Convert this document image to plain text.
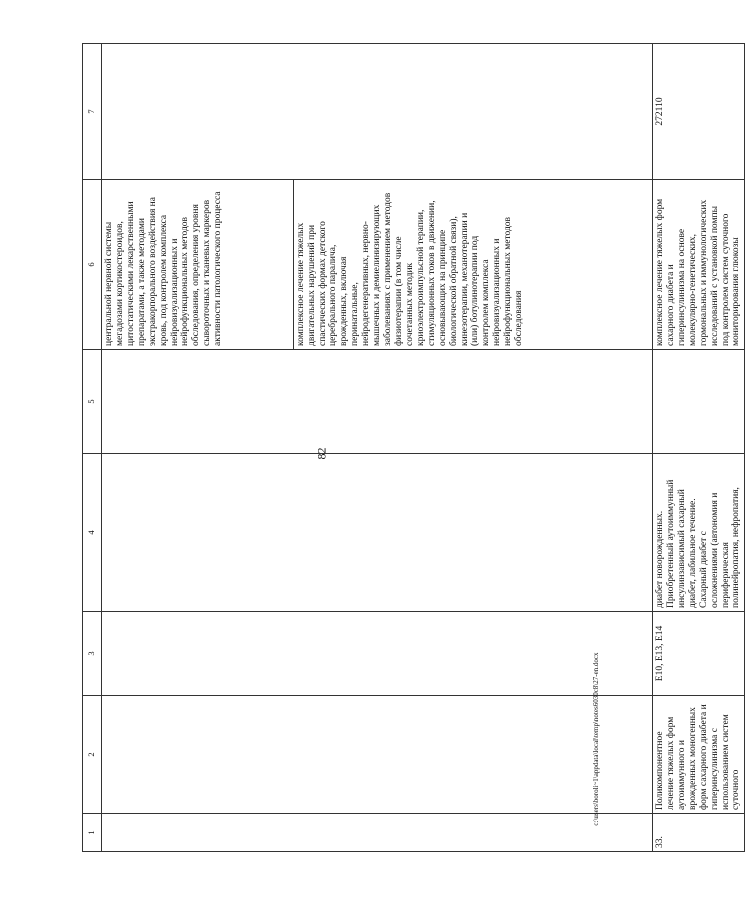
82
1	2	3	4	5	6	7

центральной нервной системы
мегадозами кортикостероидов,
цитостатическими лекарственными
препаратами, а также методами
экстракорпорального воздействия на
кровь, под контролем комплекса
нейровизуализационных и
нейрофункциональных методов
обследования, определения уровня
сывороточных и тканевых маркеров
активности патологического процесса
комплексное лечение тяжелых
двигательных нарушений при
спастических формах детского
церебрального паралича,
врожденных, включая
перинатальные,
нейродегенеративных, нервно-
мышечных и демиелинизирующих
заболеваниях с применением методов
физиотерапии (в том числе
сочетанных методик
криоэлектроимпульсной терапии,
стимуляционных токов в движении,
основывающих на принципе
биологической обратной связи),
кинезотерапии, механотерапии и
(или) ботулинотерапии под
контролем комплекса
нейровизуализационных и
нейрофункциональных методов
обследования

33.	Поликомпонентное
лечение тяжелых форм
аутоиммунного и
врожденных моногенных
форм сахарного диабета и
гиперинсулинизма с
использованием систем
суточного	E10, E13, E14	диабет новорожденных.
Приобретенный аутоиммунный
инсулинзависимый сахарный
диабет, лабильное течение.
Сахарный диабет с
осложнениями (автономия и
периферическая
полинейропатия, нефропатия,		комплексное лечение тяжелых форм
сахарного диабета и
гиперинсулинизма на основе
молекулярно-генетических,
гормональных и иммунологических
исследований с установкой помпы
под контролем систем суточного
мониторирования глюкозы	272110
c:\users\boroli~1\appdata\local\temp\notes6030c8\27-en.docx
